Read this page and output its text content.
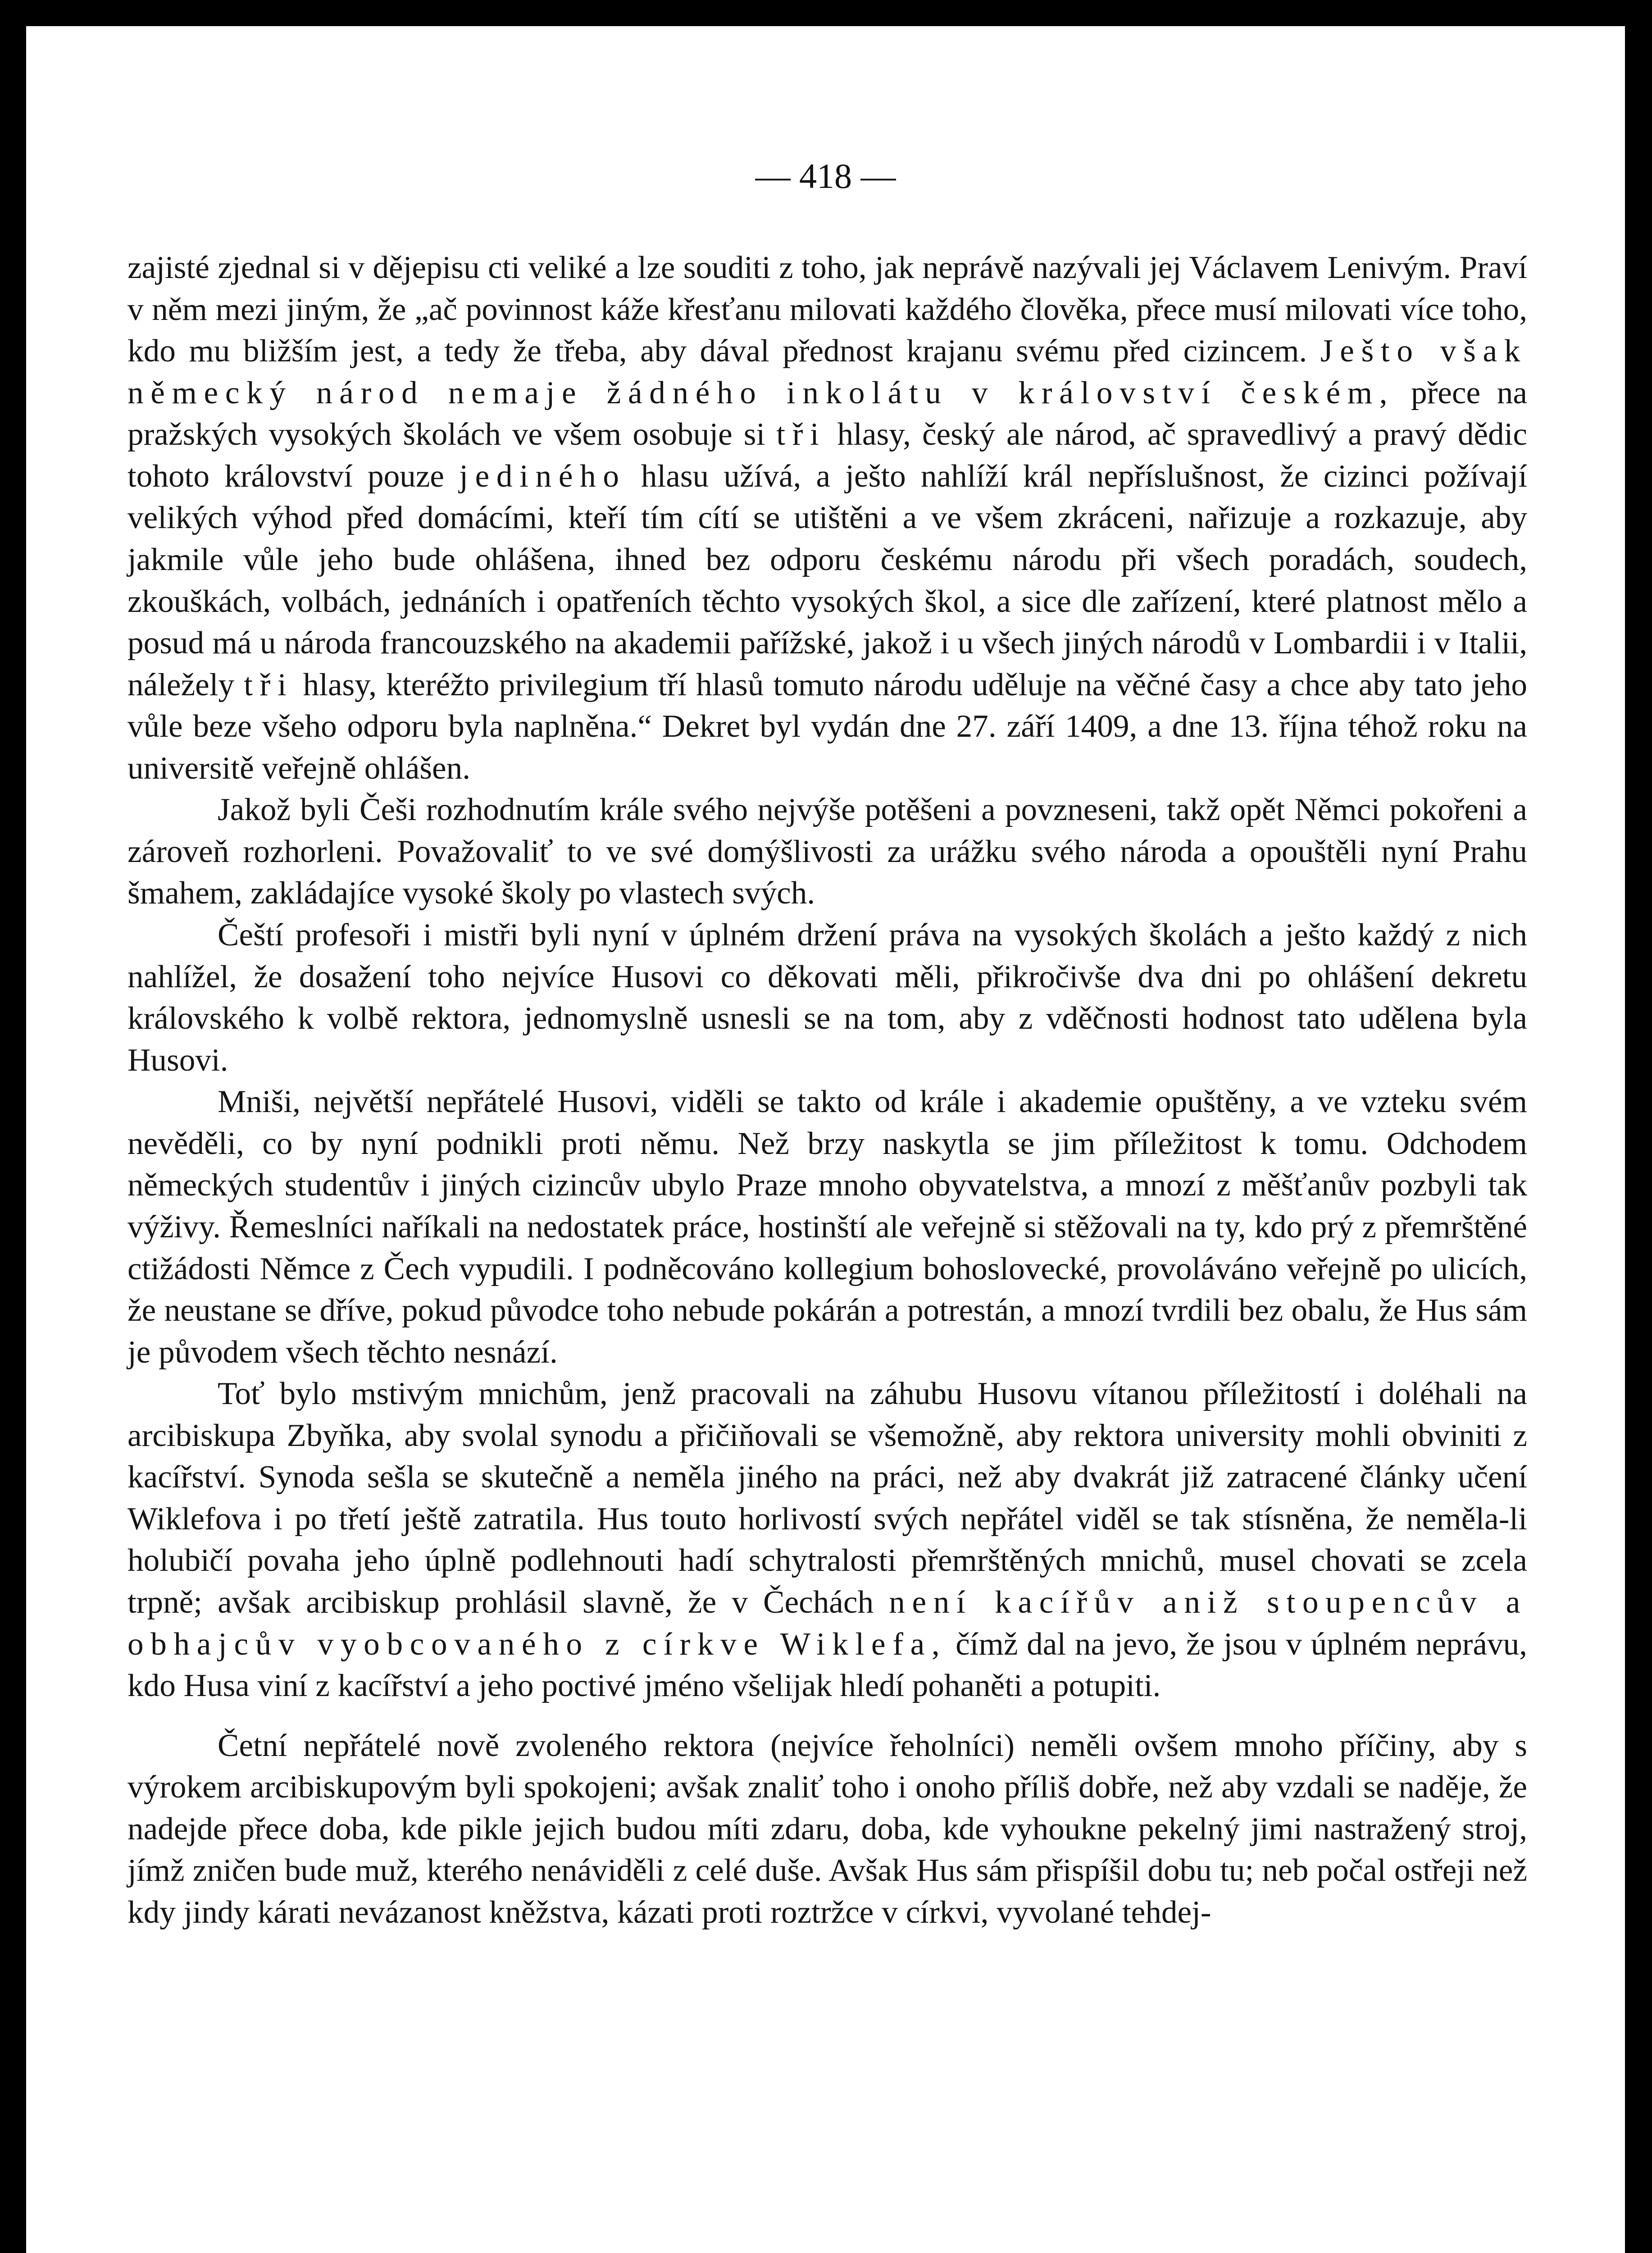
— 418 —

zajisté zjednal si v dějepisu cti veliké a lze souditi z toho, jak neprávě nazývali jej Václavem Lenivým. Praví v něm mezi jiným, že „ač povinnost káže křesťanu milovati každého člověka, přece musí milovati více toho, kdo mu bližším jest, a tedy že třeba, aby dával přednost krajanu svému před cizincem. Ješto však německý národ nemaje žádného inkolátu v království českém, přece na pražských vysokých školách ve všem osobuje si tři hlasy, český ale národ, ač spravedlivý a pravý dědic tohoto království pouze jediného hlasu užívá, a ješto nahlíží král nepříslušnost, že cizinci požívají velikých výhod před domácími, kteří tím cítí se utištěni a ve všem zkráceni, nařizuje a rozkazuje, aby jakmile vůle jeho bude ohlášena, ihned bez odporu českému národu při všech poradách, soudech, zkouškách, volbách, jednáních i opatřeních těchto vysokých škol, a sice dle zařízení, které platnost mělo a posud má u národa francouzského na akademii pařížské, jakož i u všech jiných národů v Lombardii i v Italii, náležely tři hlasy, kteréžto privilegium tří hlasů tomuto národu uděluje na věčné časy a chce aby tato jeho vůle beze všeho odporu byla naplněna.“ Dekret byl vydán dne 27. září 1409, a dne 13. října téhož roku na universitě veřejně ohlášen.

Jakož byli Češi rozhodnutím krále svého nejvýše potěšeni a povzneseni, takž opět Němci pokořeni a zároveň rozhorleni. Považovaliť to ve své domýšlivosti za urážku svého národa a opouštěli nyní Prahu šmahem, zakládajíce vysoké školy po vlastech svých.

Čeští profesoři i mistři byli nyní v úplném držení práva na vysokých školách a ješto každý z nich nahlížel, že dosažení toho nejvíce Husovi co děkovati měli, přikročivše dva dni po ohlášení dekretu královského k volbě rektora, jednomyslně usnesli se na tom, aby z vděčnosti hodnost tato udělena byla Husovi.

Mniši, největší nepřátelé Husovi, viděli se takto od krále i akademie opuštěny, a ve vzteku svém nevěděli, co by nyní podnikli proti němu. Než brzy naskytla se jim příležitost k tomu. Odchodem německých studentův i jiných cizincův ubylo Praze mnoho obyvatelstva, a mnozí z měšťanův pozbyli tak výživy. Řemeslníci naříkali na nedostatek práce, hostinští ale veřejně si stěžovali na ty, kdo prý z přemrštěné ctižádosti Němce z Čech vypudili. I podněcováno kollegium bohoslovecké, provoláváno veřejně po ulicích, že neustane se dříve, pokud původce toho nebude pokárán a potrestán, a mnozí tvrdili bez obalu, že Hus sám je původem všech těchto nesnází.

Toť bylo mstivým mnichům, jenž pracovali na záhubu Husovu vítanou příležitostí i doléhali na arcibiskupa Zbyňka, aby svolal synodu a přičiňovali se všemožně, aby rektora university mohli obviniti z kacířství. Synoda sešla se skutečně a neměla jiného na práci, než aby dvakrát již zatracené články učení Wiklefova i po třetí ještě zatratila. Hus touto horlivostí svých nepřátel viděl se tak stísněna, že neměla-li holubičí povaha jeho úplně podlehnouti hadí schytralosti přemrštěných mnichů, musel chovati se zcela trpně; avšak arcibiskup prohlásil slavně, že v Čechách není kacířův aniž stoupencův a obhajcův vyobcovaného z církve Wiklefa, čímž dal na jevo, že jsou v úplném neprávu, kdo Husa viní z kacířství a jeho poctivé jméno všelijak hledí pohaněti a potupiti.

Četní nepřátelé nově zvoleného rektora (nejvíce řeholníci) neměli ovšem mnoho příčiny, aby s výrokem arcibiskupovým byli spokojeni; avšak znaliť toho i onoho příliš dobře, než aby vzdali se naděje, že nadejde přece doba, kde pikle jejich budou míti zdaru, doba, kde vyhoukne pekelný jimi nastražený stroj, jímž zničen bude muž, kterého nenáviděli z celé duše. Avšak Hus sám přispíšil dobu tu; neb počal ostřeji než kdy jindy kárati nevázanost kněžstva, kázati proti roztržce v církvi, vyvolané tehdej-
